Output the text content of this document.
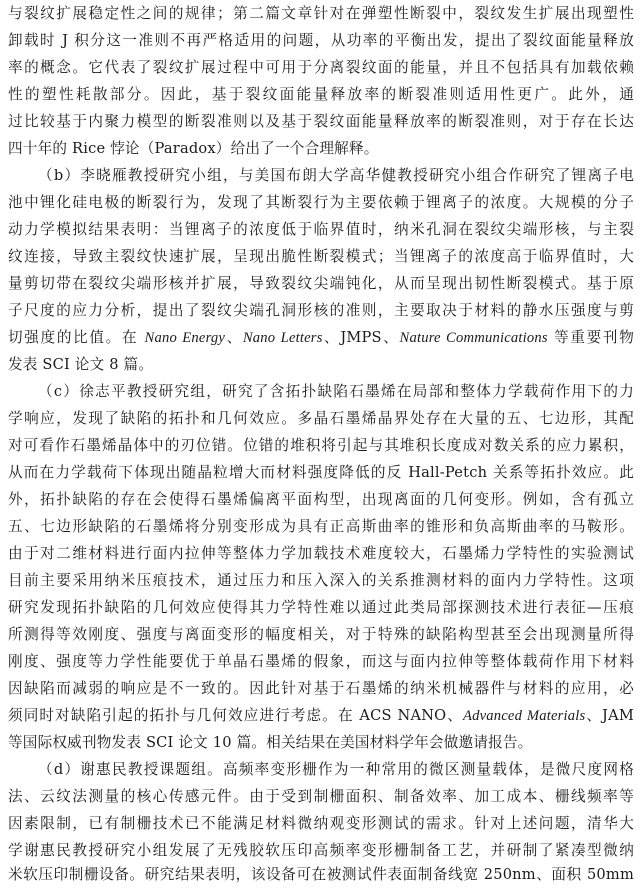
与裂纹扩展稳定性之间的规律；第二篇文章针对在弹塑性断裂中，裂纹发生扩展出现塑性
卸载时 J 积分这一准则不再严格适用的问题，从功率的平衡出发，提出了裂纹面能量释放
率的概念。它代表了裂纹扩展过程中可用于分离裂纹面的能量，并且不包括具有加载依赖
性的塑性耗散部分。因此，基于裂纹面能量释放率的断裂准则适用性更广。此外，通
过比较基于内聚力模型的断裂准则以及基于裂纹面能量释放率的断裂准则，对于存在长达
四十年的 Rice 悖论（Paradox）给出了一个合理解释。
（b）李晓雁教授研究小组，与美国布朗大学高华健教授研究小组合作研究了锂离子电
池中锂化硅电极的断裂行为，发现了其断裂行为主要依赖于锂离子的浓度。大规模的分子
动力学模拟结果表明：当锂离子的浓度低于临界值时，纳米孔洞在裂纹尖端形核，与主裂
纹连接，导致主裂纹快速扩展，呈现出脆性断裂模式；当锂离子的浓度高于临界值时，大
量剪切带在裂纹尖端形核并扩展，导致裂纹尖端钝化，从而呈现出韧性断裂模式。基于原
子尺度的应力分析，提出了裂纹尖端孔洞形核的准则，主要取决于材料的静水压强度与剪
切强度的比值。在 Nano Energy、Nano Letters、JMPS、Nature Communications 等重要刊物
发表 SCI 论文 8 篇。
（c）徐志平教授研究组，研究了含拓扑缺陷石墨烯在局部和整体力学载荷作用下的力
学响应，发现了缺陷的拓扑和几何效应。多晶石墨烯晶界处存在大量的五、七边形，其配
对可看作石墨烯晶体中的刃位错。位错的堆积将引起与其堆积长度成对数关系的应力累积，
从而在力学载荷下体现出随晶粒增大而材料强度降低的反 Hall-Petch 关系等拓扑效应。此
外，拓扑缺陷的存在会使得石墨烯偏离平面构型，出现离面的几何变形。例如，含有孤立
五、七边形缺陷的石墨烯将分别变形成为具有正高斯曲率的锥形和负高斯曲率的马鞍形。
由于对二维材料进行面内拉伸等整体力学加载技术难度较大，石墨烯力学特性的实验测试
目前主要采用纳米压痕技术，通过压力和压入深入的关系推测材料的面内力学特性。这项
研究发现拓扑缺陷的几何效应使得其力学特性难以通过此类局部探测技术进行表征—压痕
所测得等效刚度、强度与离面变形的幅度相关，对于特殊的缺陷构型甚至会出现测量所得
刚度、强度等力学性能要优于单晶石墨烯的假象，而这与面内拉伸等整体载荷作用下材料
因缺陷而减弱的响应是不一致的。因此针对基于石墨烯的纳米机械器件与材料的应用，必
须同时对缺陷引起的拓扑与几何效应进行考虑。在 ACS NANO、Advanced Materials、JAM
等国际权威刊物发表 SCI 论文 10 篇。相关结果在美国材料学年会做邀请报告。
（d）谢惠民教授课题组。高频率变形栅作为一种常用的微区测量载体，是微尺度网格
法、云纹法测量的核心传感元件。由于受到制栅面积、制备效率、加工成本、栅线频率等
因素限制，已有制栅技术已不能满足材料微纳观变形测试的需求。针对上述问题，清华大
学谢惠民教授研究小组发展了无残胶软压印高频率变形栅制备工艺，并研制了紧凑型微纳
米软压印制栅设备。研究结果表明，该设备可在被测试件表面制备线宽 250nm、面积 50mm
